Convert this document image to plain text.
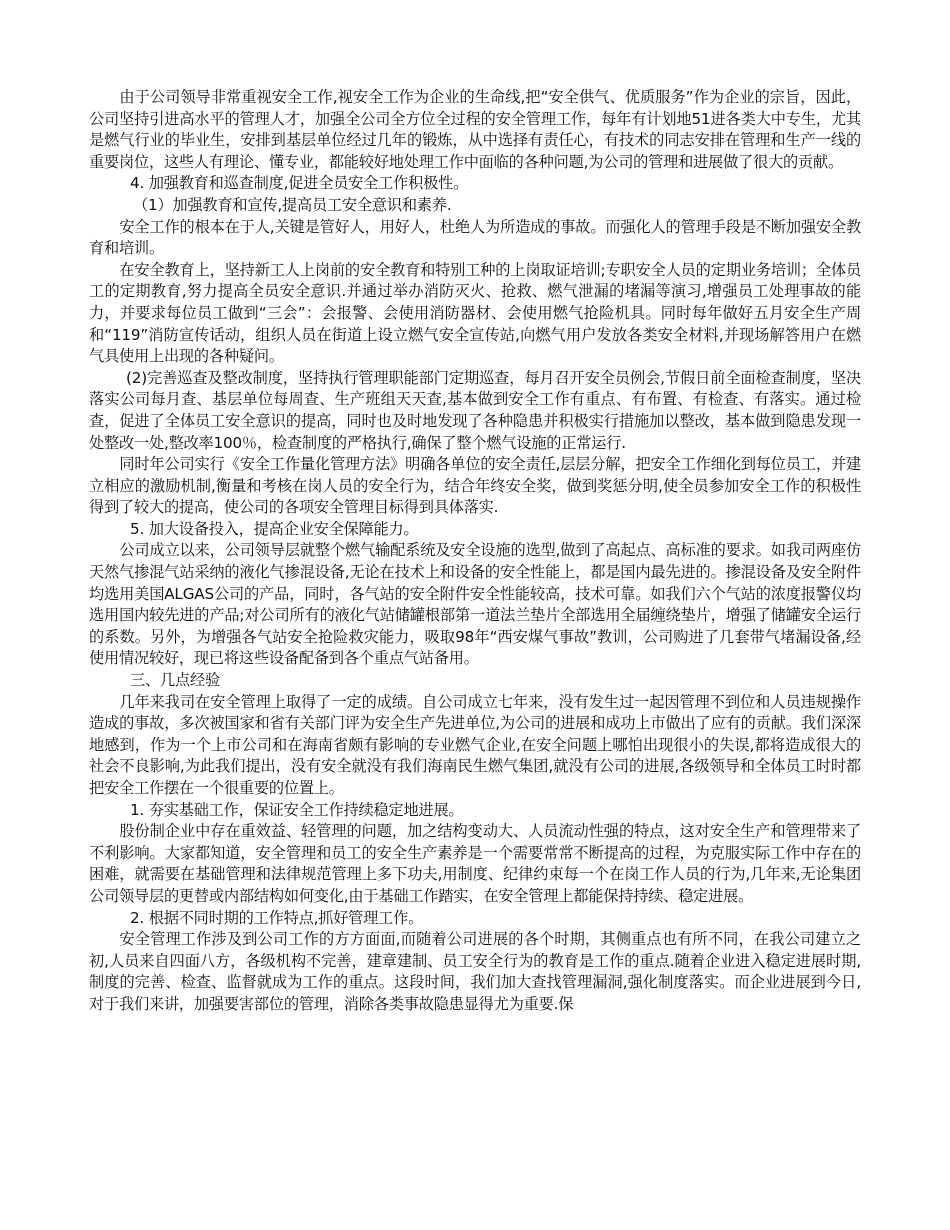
由于公司领导非常重视安全工作,视安全工作为企业的生命线,把“安全供气、优质服务”作为企业的宗旨，因此，公司坚持引进高水平的管理人才，加强全公司全方位全过程的安全管理工作，每年有计划地51进各类大中专生，尤其是燃气行业的毕业生，安排到基层单位经过几年的锻炼，从中选择有责任心，有技术的同志安排在管理和生产一线的重要岗位，这些人有理论、懂专业，都能较好地处理工作中面临的各种问题,为公司的管理和进展做了很大的贡献。

4. 加强教育和巡查制度,促进全员安全工作积极性。

（1）加强教育和宣传,提高员工安全意识和素养.

安全工作的根本在于人,关键是管好人，用好人，杜绝人为所造成的事故。而强化人的管理手段是不断加强安全教育和培训。

在安全教育上，坚持新工人上岗前的安全教育和特别工种的上岗取证培训;专职安全人员的定期业务培训；全体员工的定期教育,努力提高全员安全意识.并通过举办消防灭火、抢救、燃气泄漏的堵漏等演习,增强员工处理事故的能力，并要求每位员工做到“三会”：会报警、会使用消防器材、会使用燃气抢险机具。同时每年做好五月安全生产周和“119”消防宣传话动，组织人员在街道上设立燃气安全宣传站,向燃气用户发放各类安全材料,并现场解答用户在燃气具使用上出现的各种疑问。

(2)完善巡查及整改制度，坚持执行管理职能部门定期巡查，每月召开安全员例会,节假日前全面检查制度，坚决落实公司每月查、基层单位每周查、生产班组天天查,基本做到安全工作有重点、有布置、有检查、有落实。通过检查，促进了全体员工安全意识的提高，同时也及时地发现了各种隐患并积极实行措施加以整改，基本做到隐患发现一处整改一处,整改率100％，检查制度的严格执行,确保了整个燃气设施的正常运行.

同时年公司实行《安全工作量化管理方法》明确各单位的安全责任,层层分解，把安全工作细化到每位员工，并建立相应的激励机制,衡量和考核在岗人员的安全行为，结合年终安全奖，做到奖惩分明,使全员参加安全工作的积极性得到了较大的提高，使公司的各项安全管理目标得到具体落实.

5. 加大设备投入，提高企业安全保障能力。

公司成立以来，公司领导层就整个燃气输配系统及安全设施的选型,做到了高起点、高标准的要求。如我司两座仿天然气掺混气站采纳的液化气掺混设备,无论在技术上和设备的安全性能上，都是国内最先进的。掺混设备及安全附件均选用美国ALGAS公司的产品，同时，各气站的安全附件安全性能较高，技术可靠。如我们六个气站的浓度报警仪均选用国内较先进的产品;对公司所有的液化气站储罐根部第一道法兰垫片全部选用全届缠绕垫片，增强了储罐安全运行的系数。另外，为增强各气站安全抢险救灾能力，吸取98年“西安煤气事故”教训，公司购进了几套带气堵漏设备,经使用情况较好，现已将这些设备配备到各个重点气站备用。

三、几点经验

几年来我司在安全管理上取得了一定的成绩。自公司成立七年来，没有发生过一起因管理不到位和人员违规操作造成的事故，多次被国家和省有关部门评为安全生产先进单位,为公司的进展和成功上市做出了应有的贡献。我们深深地感到，作为一个上市公司和在海南省颇有影响的专业燃气企业,在安全问题上哪怕出现很小的失误,都将造成很大的社会不良影响,为此我们提出，没有安全就没有我们海南民生燃气集团,就没有公司的进展,各级领导和全体员工时时都把安全工作摆在一个很重要的位置上。

1. 夯实基础工作，保证安全工作持续稳定地进展。

股份制企业中存在重效益、轻管理的问题，加之结构变动大、人员流动性强的特点，这对安全生产和管理带来了不利影响。大家都知道，安全管理和员工的安全生产素养是一个需要常常不断提高的过程，为克服实际工作中存在的困难，就需要在基础管理和法律规范管理上多下功夫,用制度、纪律约束每一个在岗工作人员的行为,几年来,无论集团公司领导层的更替或内部结构如何变化,由于基础工作踏实，在安全管理上都能保持持续、稳定进展。

2. 根据不同时期的工作特点,抓好管理工作。

安全管理工作涉及到公司工作的方方面面,而随着公司进展的各个时期，其侧重点也有所不同，在我公司建立之初,人员来自四面八方，各级机构不完善，建章建制、员工安全行为的教育是工作的重点.随着企业进入稳定进展时期,制度的完善、检查、监督就成为工作的重点。这段时间，我们加大查找管理漏洞,强化制度落实。而企业进展到今日,对于我们来讲，加强要害部位的管理，消除各类事故隐患显得尤为重要.保
